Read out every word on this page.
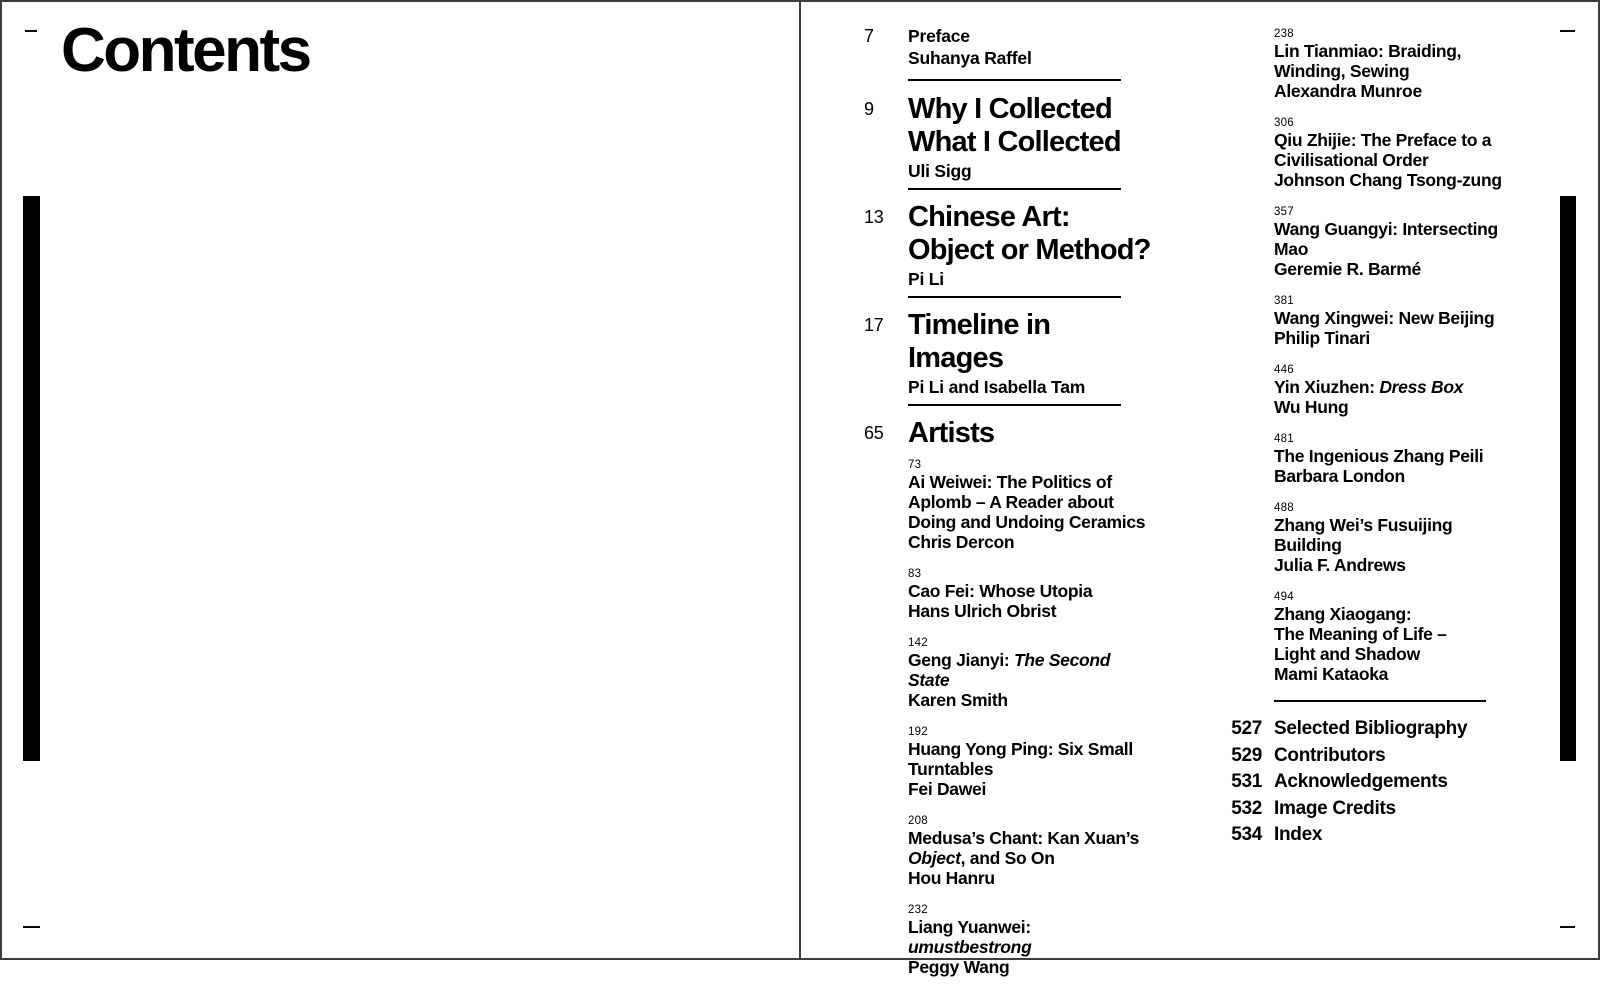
Contents	7	Preface
Suhanya Raffel
9	Why I Collected
What I Collected
Uli Sigg
13 Chinese Art:
Object or Method?
Pi Li
17 Timeline in
Images
Pi Li and Isabella Tam
65 Artists
73
Ai Weiwei: The Politics of
Aplomb – A Reader about
Doing and Undoing Ceramics
Chris Dercon
83
Cao Fei: Whose Utopia
Hans Ulrich Obrist
142
Geng Jianyi: The Second State
Karen Smith
192
Huang Yong Ping: Six Small
Turntables
Fei Dawei
208
Medusa’s Chant: Kan Xuan’s
Object, and So On
Hou Hanru
232
Liang Yuanwei: umustbestrong
Peggy Wang
238
Lin Tianmiao: Braiding,
Winding, Sewing
Alexandra Munroe
306
Qiu Zhijie: The Preface to a
Civilisational Order
Johnson Chang Tsong-zung
357
Wang Guangyi: Intersecting
Mao
Geremie R. Barmé
381
Wang Xingwei: New Beijing
Philip Tinari
446
Yin Xiuzhen: Dress Box
Wu Hung
481
The Ingenious Zhang Peili
Barbara London
488
Zhang Wei’s Fusuijing Building
Julia F. Andrews
494
Zhang Xiaogang:
The Meaning of Life –
Light and Shadow
Mami Kataoka
527 Selected Bibliography
529 Contributors
531 Acknowledgements
532 Image Credits
534 Index
